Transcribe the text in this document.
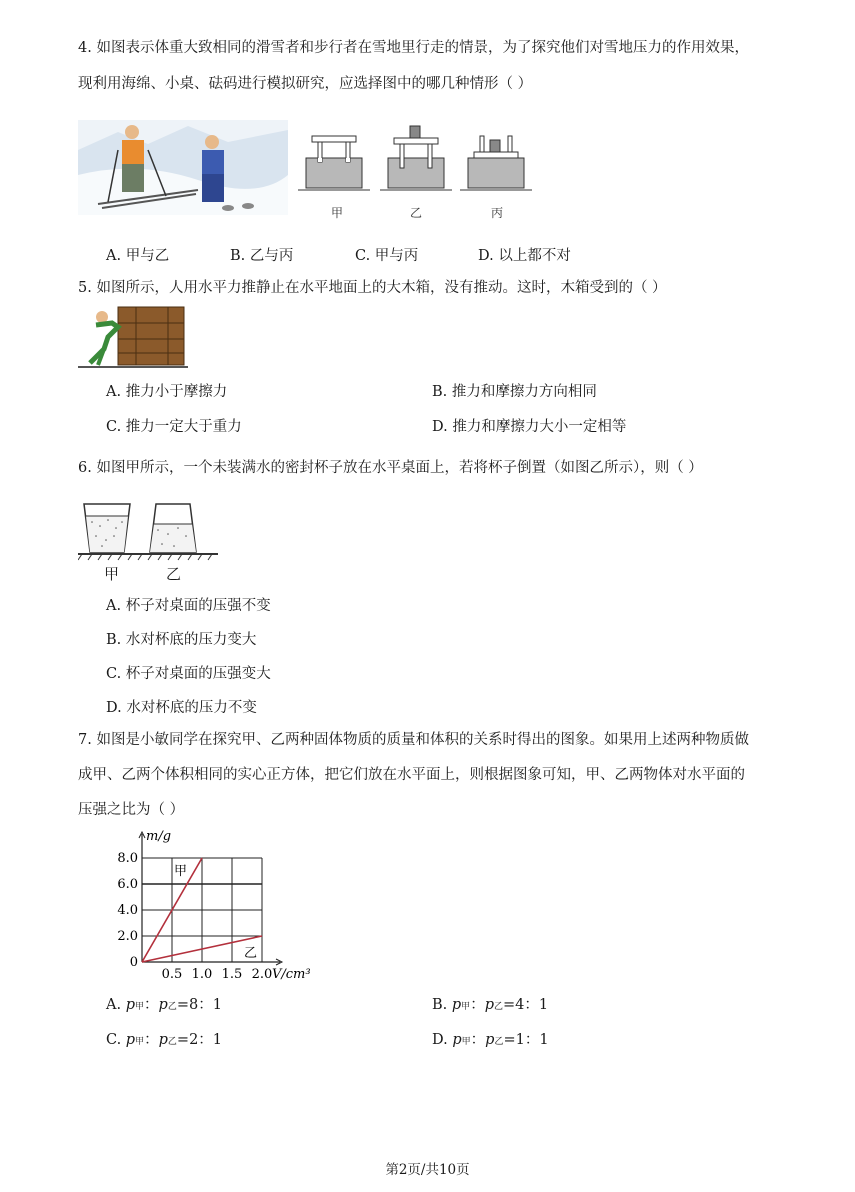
4. 如图表示体重大致相同的滑雪者和步行者在雪地里行走的情景，为了探究他们对雪地压力的作用效果，
现利用海绵、小桌、砝码进行模拟研究，应选择图中的哪几种情形（ ）
甲	乙	丙
A. 甲与乙	B. 乙与丙	C. 甲与丙	D. 以上都不对
5. 如图所示，人用水平力推静止在水平地面上的大木箱，没有推动。这时，木箱受到的（ ）
A. 推力小于摩擦力	B. 推力和摩擦力方向相同
C. 推力一定大于重力	D. 推力和摩擦力大小一定相等
6. 如图甲所示，一个未装满水的密封杯子放在水平桌面上，若将杯子倒置（如图乙所示），则（ ）
甲	乙
A. 杯子对桌面的压强不变
B. 水对杯底的压力变大
C. 杯子对桌面的压强变大
D. 水对杯底的压力不变
7. 如图是小敏同学在探究甲、乙两种固体物质的质量和体积的关系时得出的图象。如果用上述两种物质做
成甲、乙两个体积相同的实心正方体，把它们放在水平面上，则根据图象可知，甲、乙两物体对水平面的
压强之比为（ ）
0
2.0
4.0
6.0
8.0
0.5 1.0 1.5 2.0
m/g
V/cm³
甲
乙
A. p甲：p乙=8：1	B. p甲：p乙=4：1
C. p甲：p乙=2：1	D. p甲：p乙=1：1
第2页/共10页
